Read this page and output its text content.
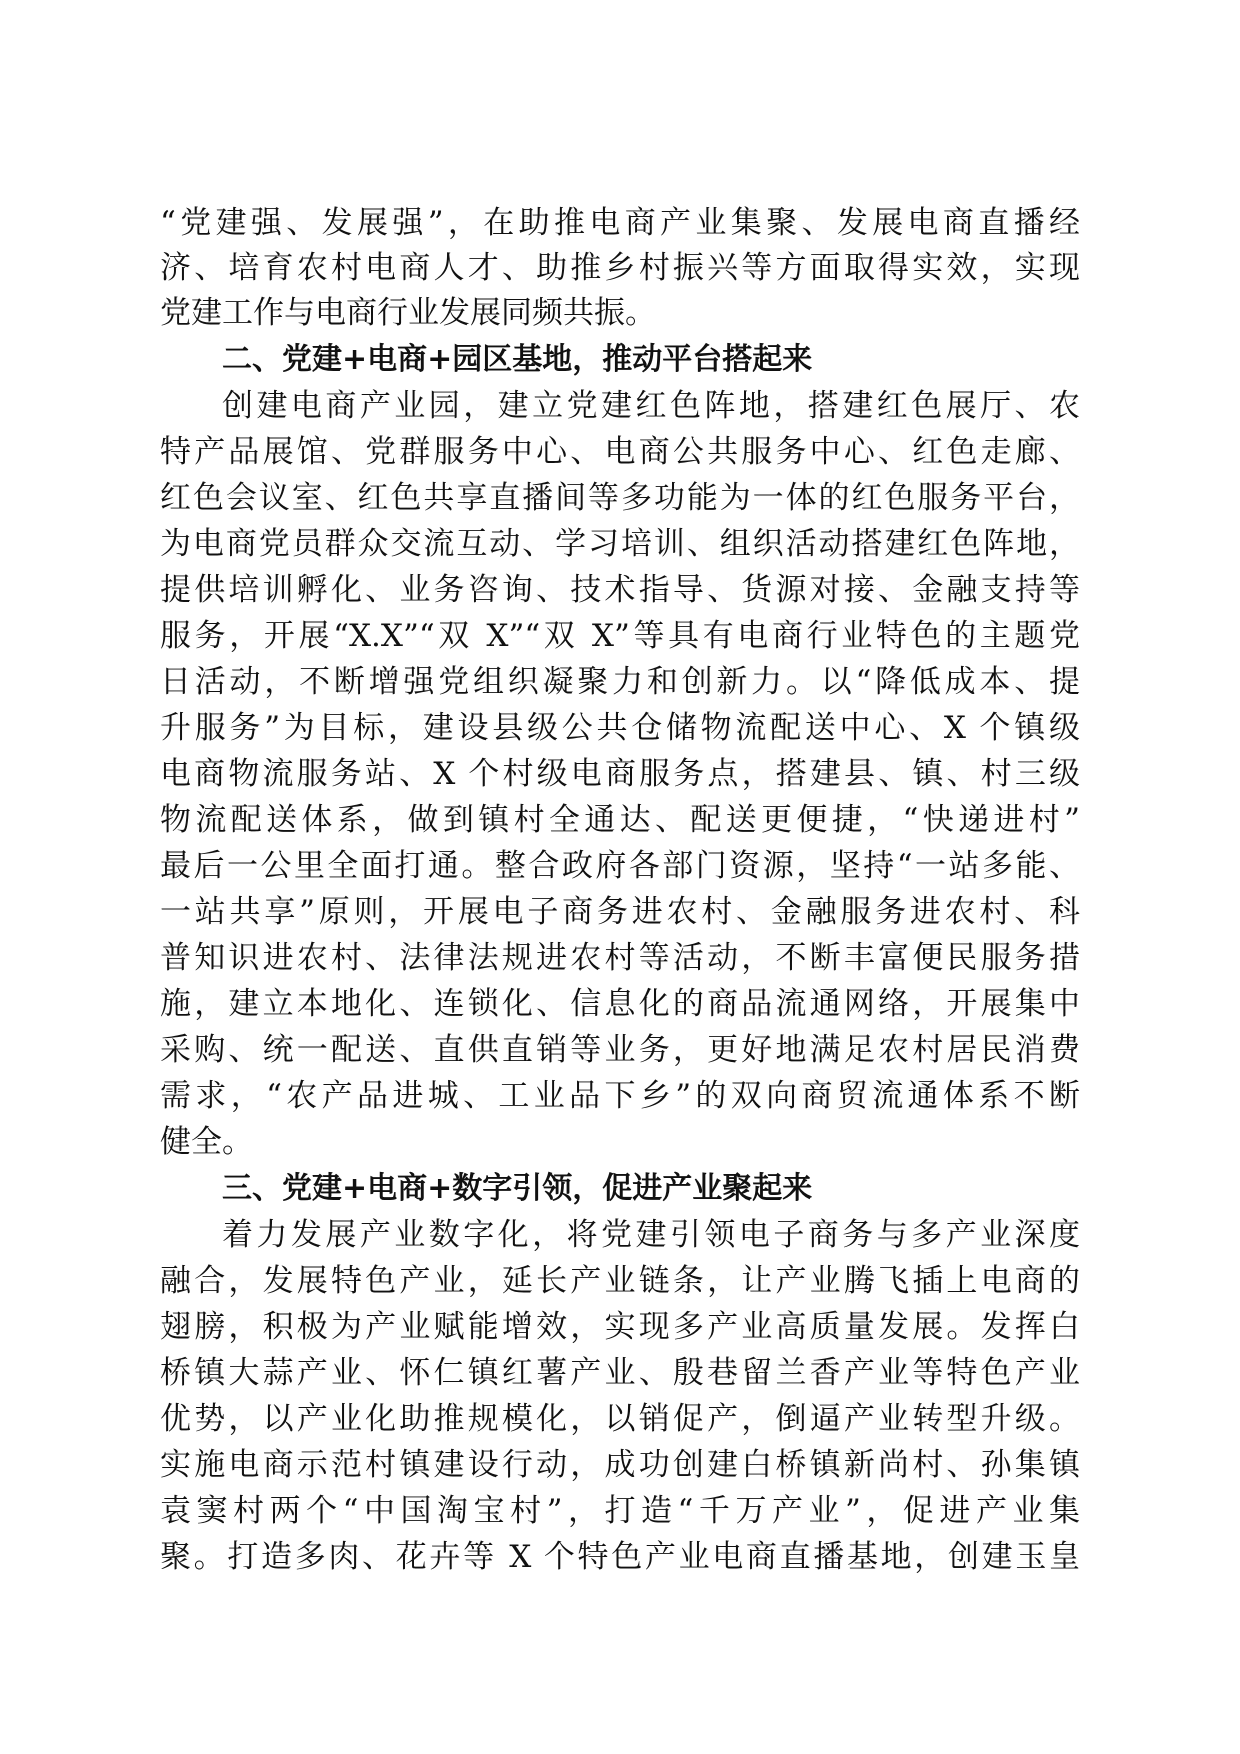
“党建强、发展强”，在助推电商产业集聚、发展电商直播经
济、培育农村电商人才、助推乡村振兴等方面取得实效，实现
党建工作与电商行业发展同频共振。
二、党建+电商+园区基地，推动平台搭起来
创建电商产业园，建立党建红色阵地，搭建红色展厅、农
特产品展馆、党群服务中心、电商公共服务中心、红色走廊、
红色会议室、红色共享直播间等多功能为一体的红色服务平台，
为电商党员群众交流互动、学习培训、组织活动搭建红色阵地，
提供培训孵化、业务咨询、技术指导、货源对接、金融支持等
服务，开展“X.X”“双 X”“双 X”等具有电商行业特色的主题党
日活动，不断增强党组织凝聚力和创新力。以“降低成本、提
升服务”为目标，建设县级公共仓储物流配送中心、X 个镇级
电商物流服务站、X 个村级电商服务点，搭建县、镇、村三级
物流配送体系，做到镇村全通达、配送更便捷，“快递进村”
最后一公里全面打通。整合政府各部门资源，坚持“一站多能、
一站共享”原则，开展电子商务进农村、金融服务进农村、科
普知识进农村、法律法规进农村等活动，不断丰富便民服务措
施，建立本地化、连锁化、信息化的商品流通网络，开展集中
采购、统一配送、直供直销等业务，更好地满足农村居民消费
需求，“农产品进城、工业品下乡”的双向商贸流通体系不断
健全。
三、党建+电商+数字引领，促进产业聚起来
着力发展产业数字化，将党建引领电子商务与多产业深度
融合，发展特色产业，延长产业链条，让产业腾飞插上电商的
翅膀，积极为产业赋能增效，实现多产业高质量发展。发挥白
桥镇大蒜产业、怀仁镇红薯产业、殷巷留兰香产业等特色产业
优势，以产业化助推规模化，以销促产，倒逼产业转型升级。
实施电商示范村镇建设行动，成功创建白桥镇新尚村、孙集镇
袁窦村两个“中国淘宝村”，打造“千万产业”，促进产业集
聚。打造多肉、花卉等 X 个特色产业电商直播基地，创建玉皇
